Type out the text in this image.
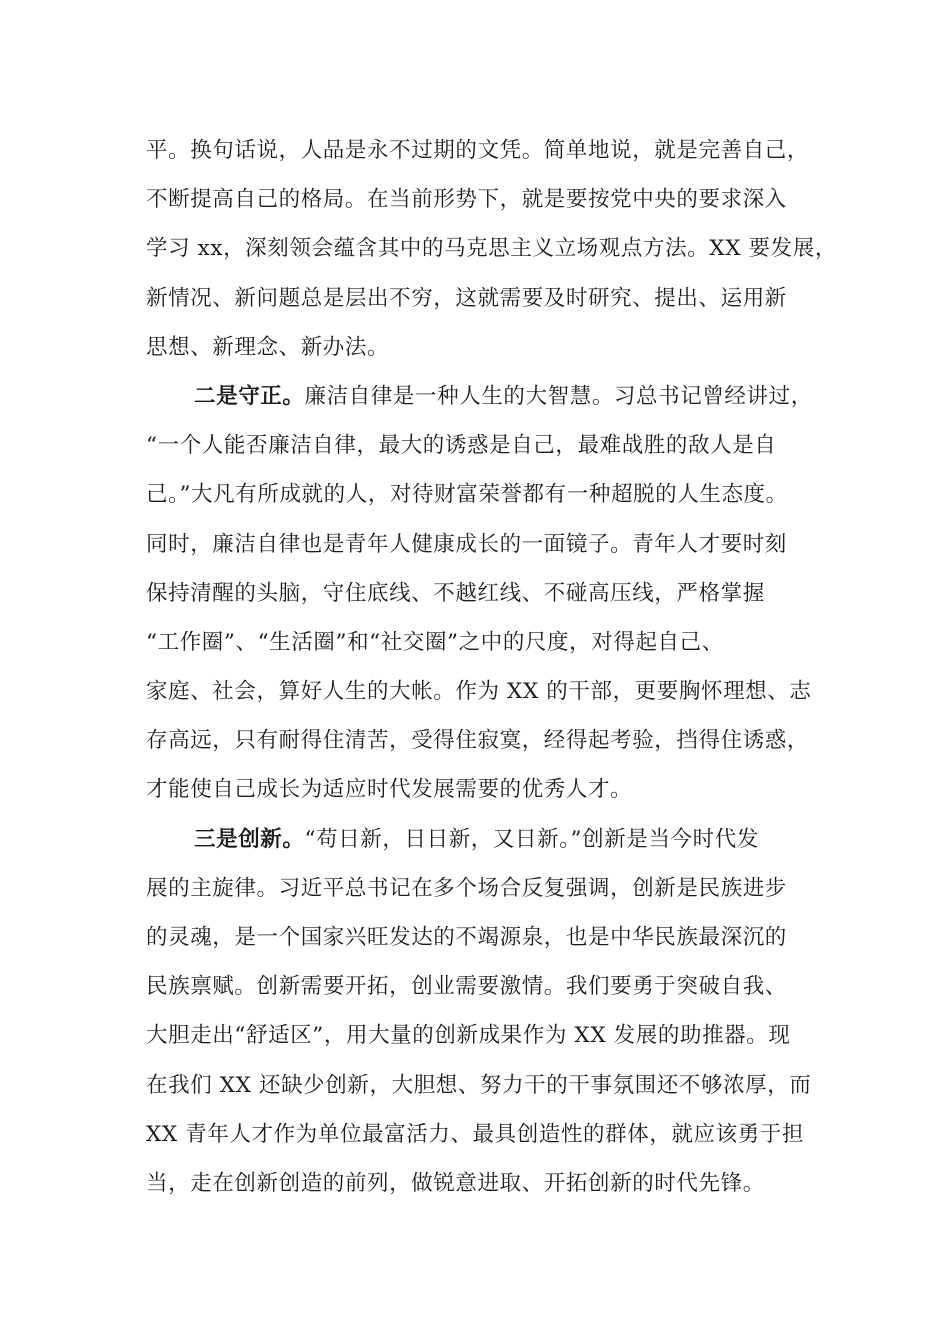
平。换句话说，人品是永不过期的文凭。简单地说，就是完善自己，
不断提高自己的格局。在当前形势下，就是要按党中央的要求深入
学习 xx，深刻领会蕴含其中的马克思主义立场观点方法。XX 要发展，
新情况、新问题总是层出不穷，这就需要及时研究、提出、运用新
思想、新理念、新办法。
二是守正。廉洁自律是一种人生的大智慧。习总书记曾经讲过，
“一个人能否廉洁自律，最大的诱惑是自己，最难战胜的敌人是自
己。”大凡有所成就的人，对待财富荣誉都有一种超脱的人生态度。
同时，廉洁自律也是青年人健康成长的一面镜子。青年人才要时刻
保持清醒的头脑，守住底线、不越红线、不碰高压线，严格掌握
“工作圈”、“生活圈”和“社交圈”之中的尺度，对得起自己、
家庭、社会，算好人生的大帐。作为 XX 的干部，更要胸怀理想、志
存高远，只有耐得住清苦，受得住寂寞，经得起考验，挡得住诱惑，
才能使自己成长为适应时代发展需要的优秀人才。
三是创新。“苟日新，日日新，又日新。”创新是当今时代发
展的主旋律。习近平总书记在多个场合反复强调，创新是民族进步
的灵魂，是一个国家兴旺发达的不竭源泉，也是中华民族最深沉的
民族禀赋。创新需要开拓，创业需要激情。我们要勇于突破自我、
大胆走出“舒适区”，用大量的创新成果作为 XX 发展的助推器。现
在我们 XX 还缺少创新，大胆想、努力干的干事氛围还不够浓厚，而
XX 青年人才作为单位最富活力、最具创造性的群体，就应该勇于担
当，走在创新创造的前列，做锐意进取、开拓创新的时代先锋。
